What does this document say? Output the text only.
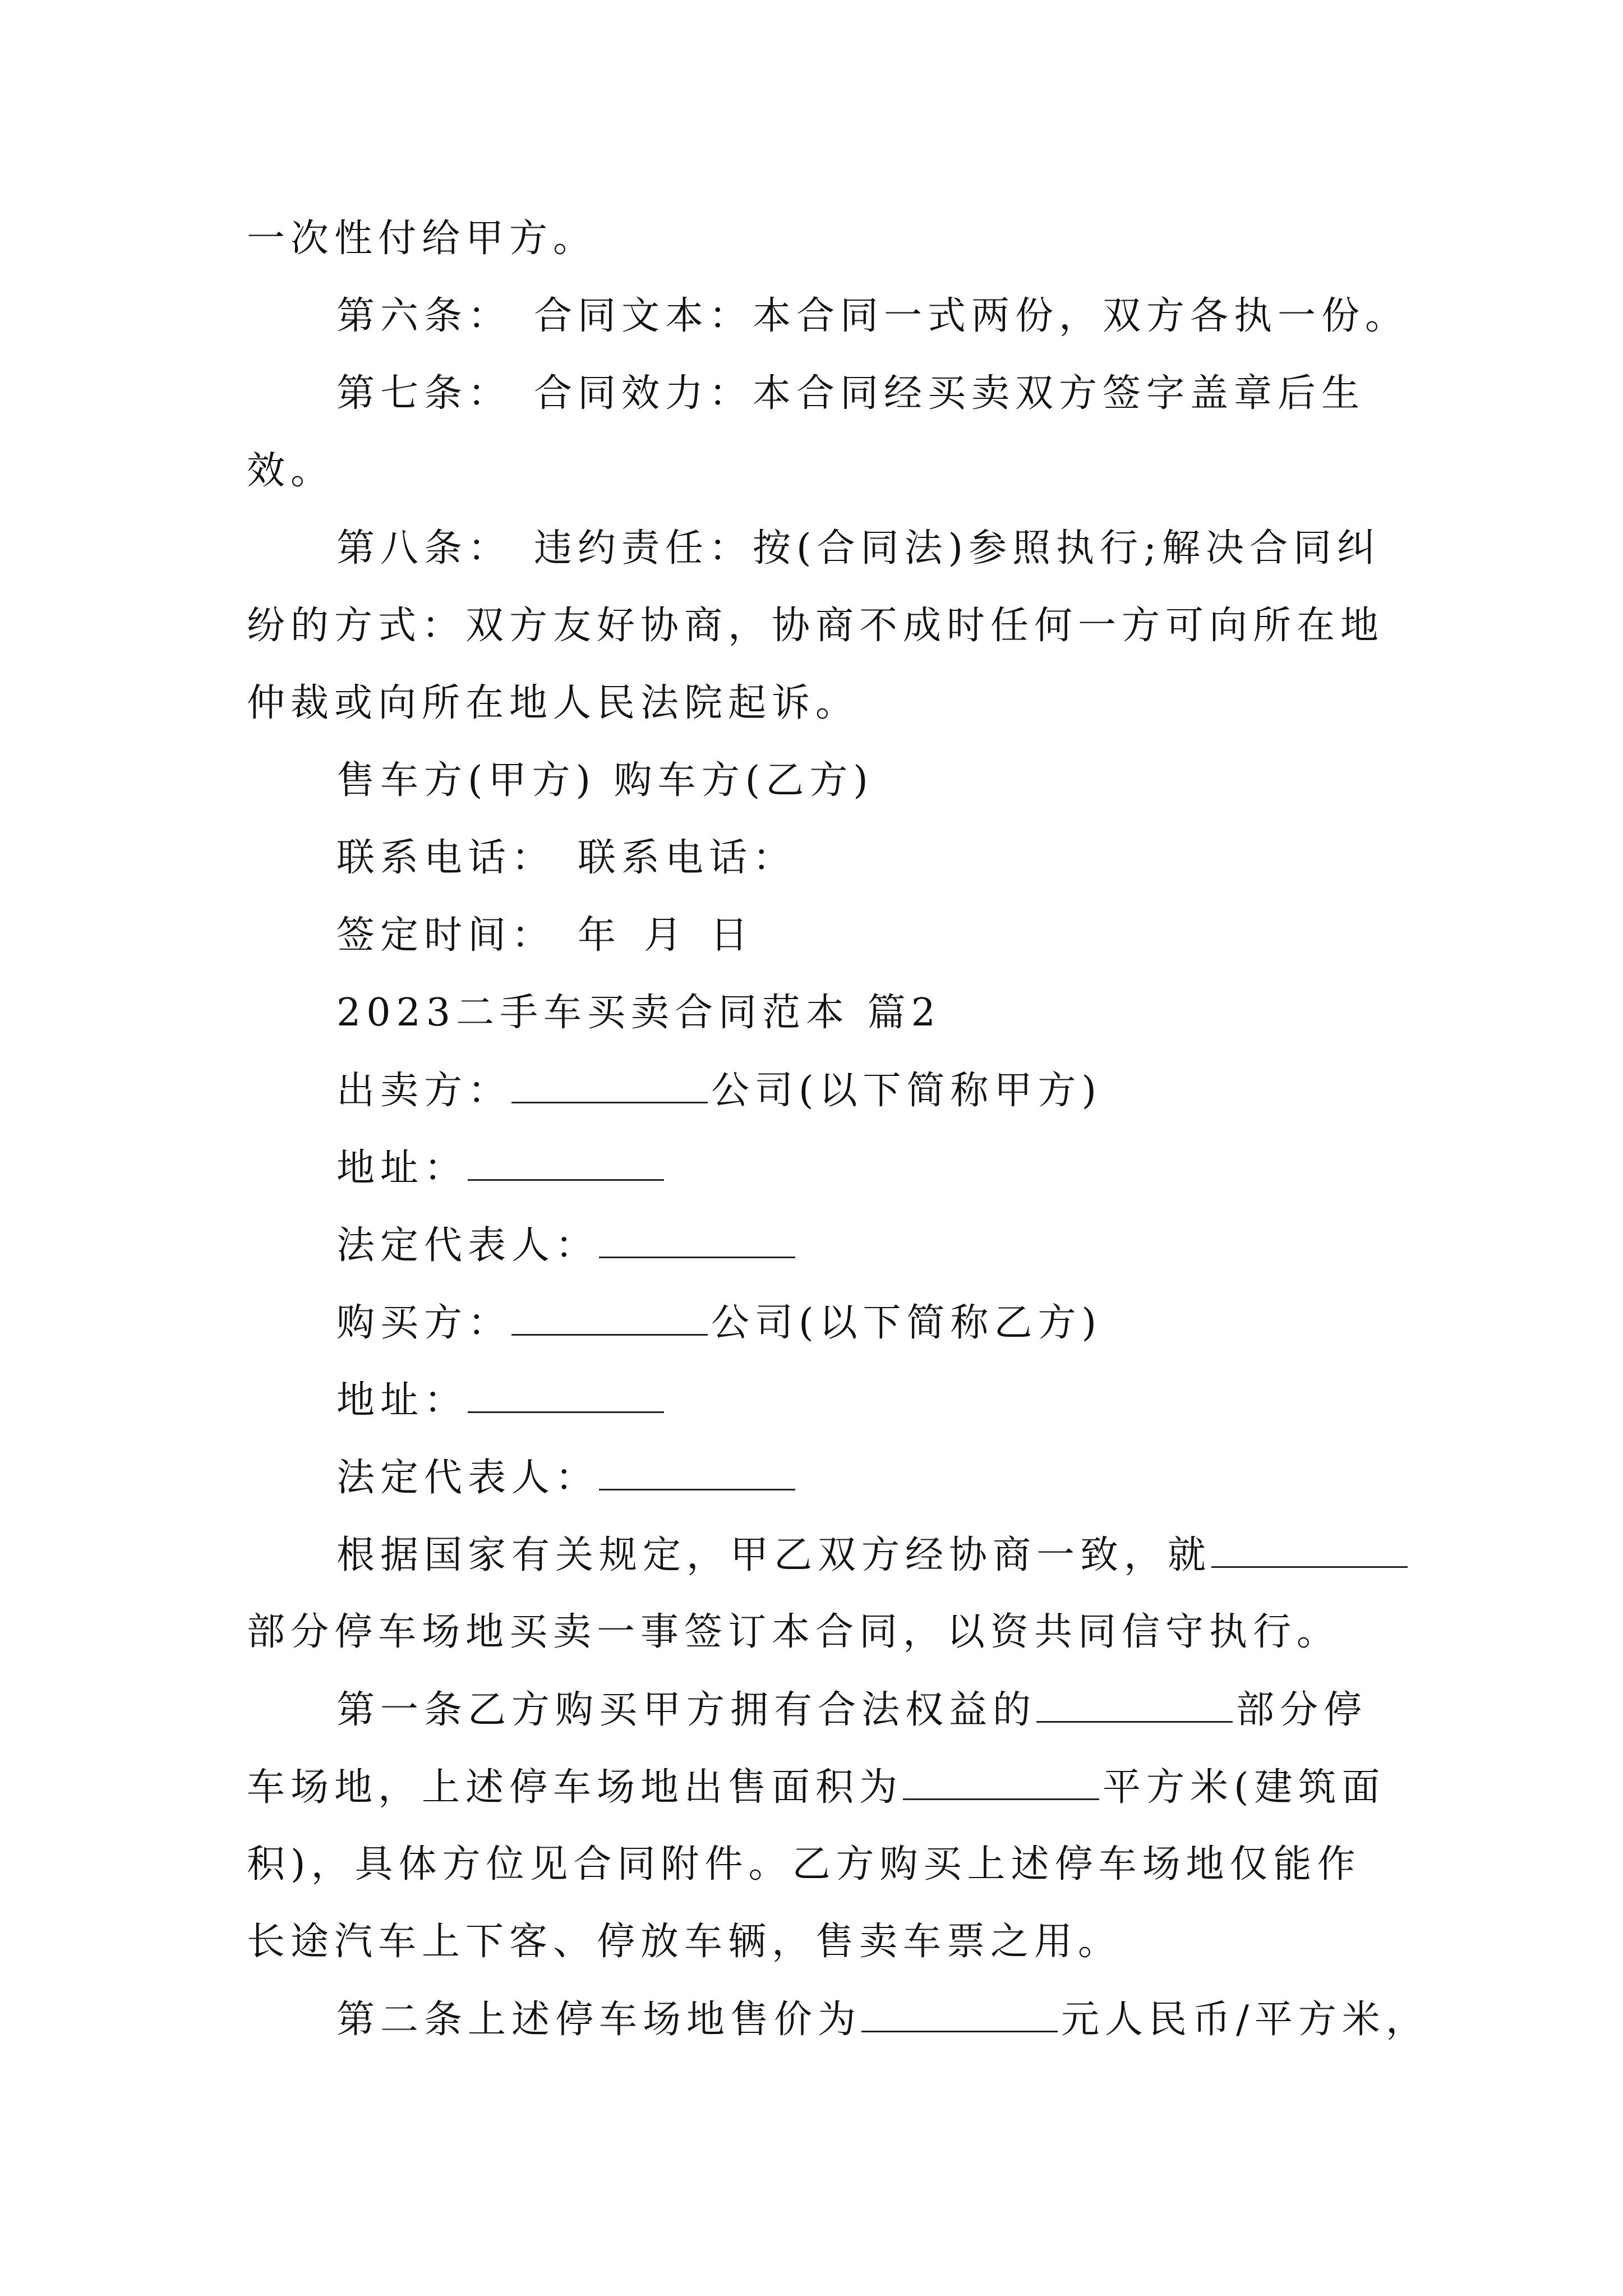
一次性付给甲方。
第六条： 合同文本：本合同一式两份，双方各执一份。
第七条： 合同效力：本合同经买卖双方签字盖章后生
效。
第八条： 违约责任：按(合同法)参照执行;解决合同纠
纷的方式：双方友好协商，协商不成时任何一方可向所在地
仲裁或向所在地人民法院起诉。
售车方(甲方) 购车方(乙方)
联系电话： 联系电话：
签定时间： 年 月 日
2023二手车买卖合同范本 篇2
出卖方：	公司(以下简称甲方)
地址：
法定代表人：
购买方：	公司(以下简称乙方)
地址：
法定代表人：
根据国家有关规定，甲乙双方经协商一致，就
部分停车场地买卖一事签订本合同，以资共同信守执行。
第一条乙方购买甲方拥有合法权益的	部分停
车场地，上述停车场地出售面积为	平方米(建筑面
积)，具体方位见合同附件。乙方购买上述停车场地仅能作
长途汽车上下客、停放车辆，售卖车票之用。
第二条上述停车场地售价为	元人民币/平方米，
